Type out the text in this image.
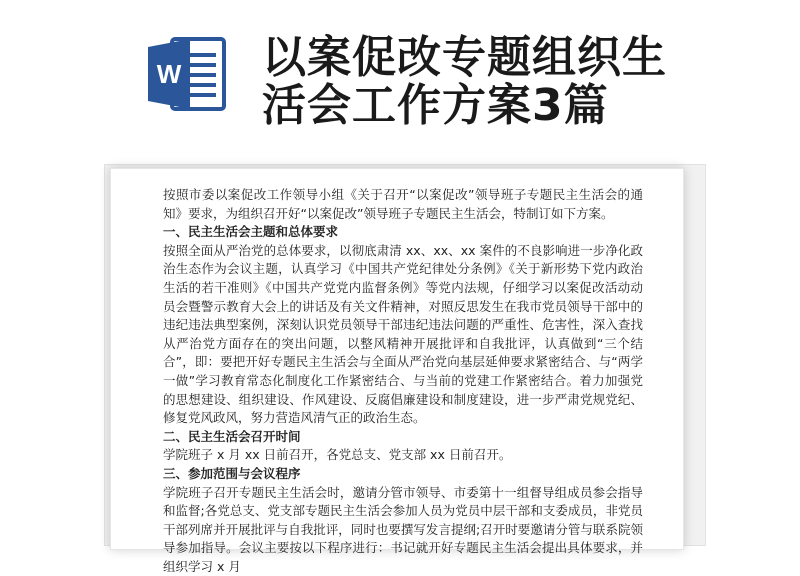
W 以案促改专题组织生
活会工作方案3篇

按照市委以案促改工作领导小组《关于召开“以案促改”领导班子专题民主生活会的通知》要求，为组织召开好“以案促改”领导班子专题民主生活会，特制订如下方案。

一、民主生活会主题和总体要求

按照全面从严治党的总体要求，以彻底肃清 xx、xx、xx 案件的不良影响进一步净化政治生态作为会议主题，认真学习《中国共产党纪律处分条例》《关于新形势下党内政治生活的若干准则》《中国共产党党内监督条例》等党内法规，仔细学习以案促改活动动员会暨警示教育大会上的讲话及有关文件精神，对照反思发生在我市党员领导干部中的违纪违法典型案例，深刻认识党员领导干部违纪违法问题的严重性、危害性，深入查找从严治党方面存在的突出问题，以整风精神开展批评和自我批评，认真做到“三个结合”，即：要把开好专题民主生活会与全面从严治党向基层延伸要求紧密结合、与“两学一做”学习教育常态化制度化工作紧密结合、与当前的党建工作紧密结合。着力加强党的思想建设、组织建设、作风建设、反腐倡廉建设和制度建设，进一步严肃党规党纪、修复党风政风，努力营造风清气正的政治生态。

二、民主生活会召开时间

学院班子 x 月 xx 日前召开，各党总支、党支部 xx 日前召开。

三、参加范围与会议程序

学院班子召开专题民主生活会时，邀请分管市领导、市委第十一组督导组成员参会指导和监督;各党总支、党支部专题民主生活会参加人员为党员中层干部和支委成员，非党员干部列席并开展批评与自我批评，同时也要撰写发言提纲;召开时要邀请分管与联系院领导参加指导。会议主要按以下程序进行：书记就开好专题民主生活会提出具体要求，并组织学习 x 月
